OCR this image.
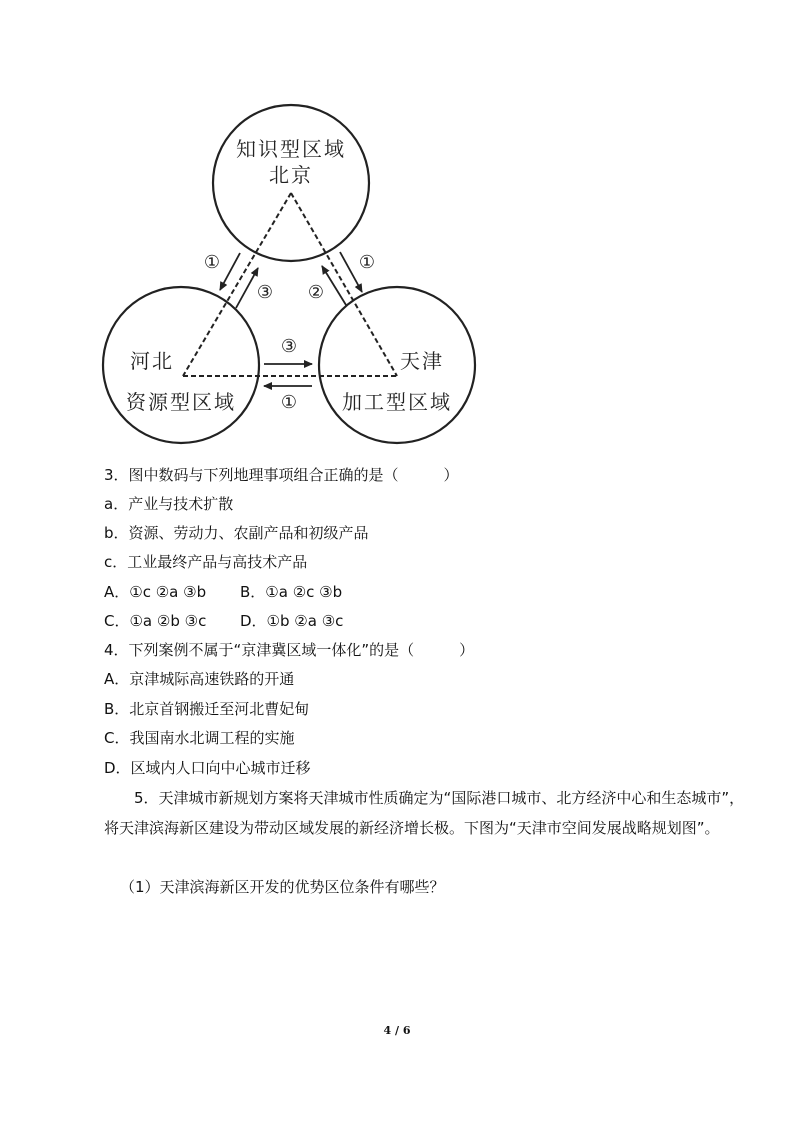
知识型区域
北京
河北
资源型区域
天津
加工型区域
①
③ ②
①
③
①
3．图中数码与下列地理事项组合正确的是（　　　）
a．产业与技术扩散
b．资源、劳动力、农副产品和初级产品
c．工业最终产品与高技术产品
A．①c ②a ③b B．①a ②c ③b
C．①a ②b ③c D．①b ②a ③c
4．下列案例不属于“京津冀区域一体化”的是（　　　）
A．京津城际高速铁路的开通
B．北京首钢搬迁至河北曹妃甸
C．我国南水北调工程的实施
D．区域内人口向中心城市迁移
5．天津城市新规划方案将天津城市性质确定为“国际港口城市、北方经济中心和生态城市”，将天津滨海新区建设为带动区域发展的新经济增长极。下图为“天津市空间发展战略规划图”。
（1）天津滨海新区开发的优势区位条件有哪些？
4 / 6
